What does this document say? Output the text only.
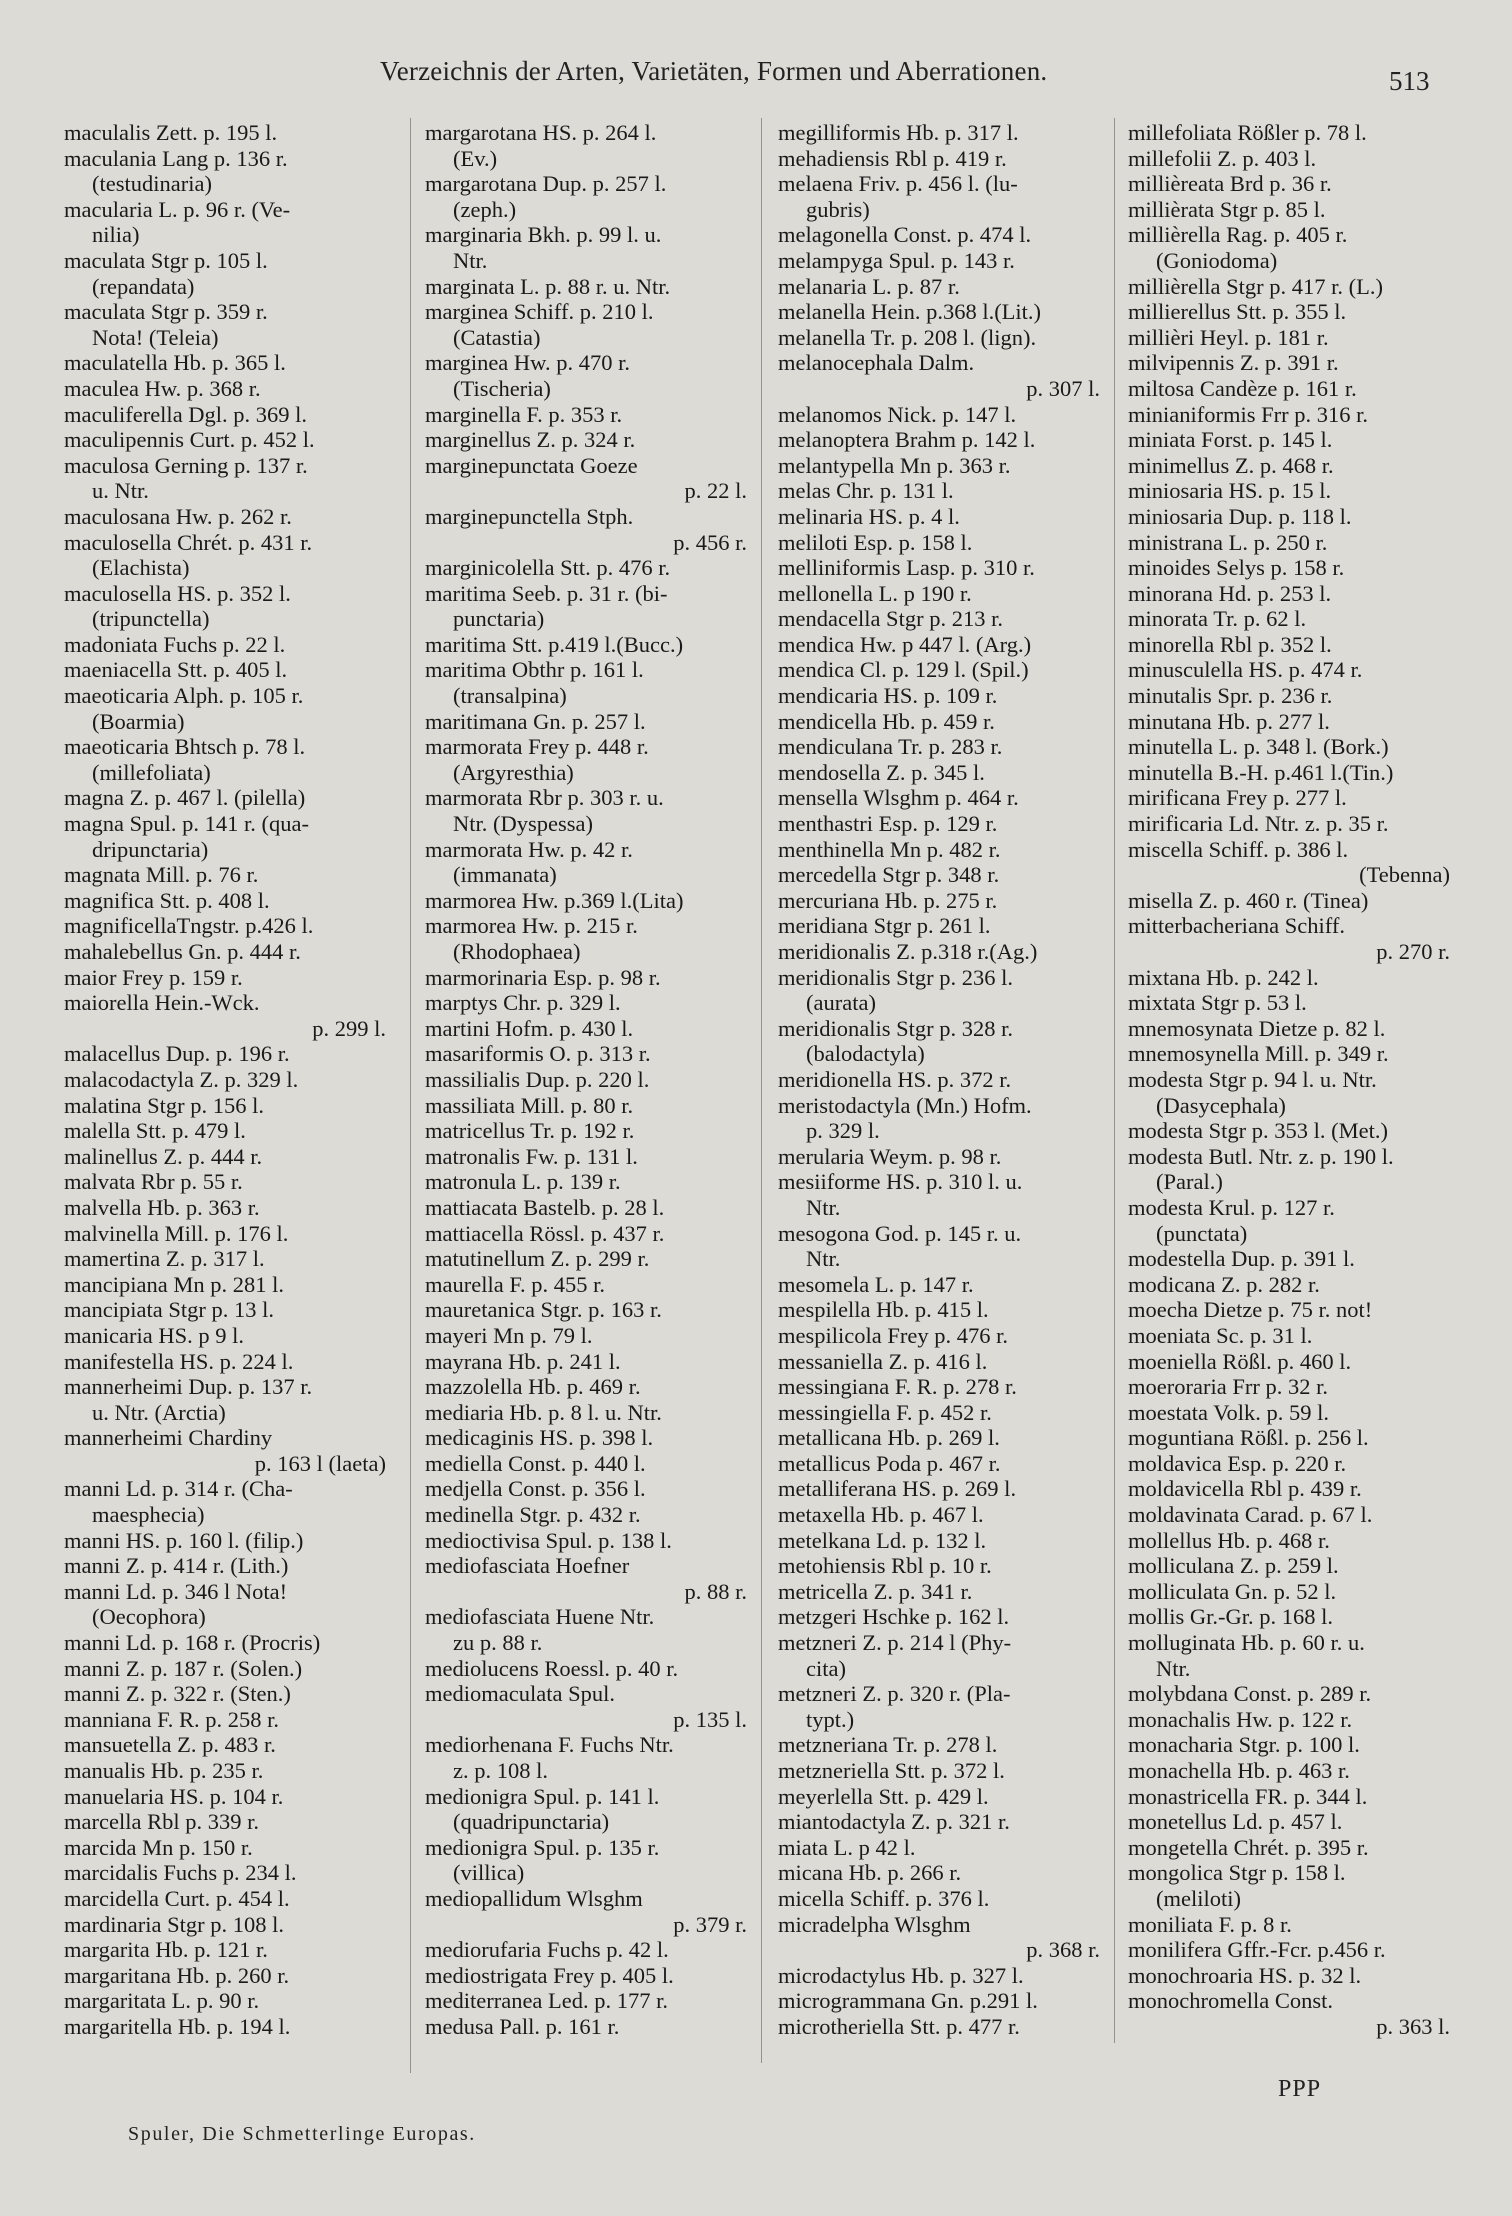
Verzeichnis der Arten, Varietäten, Formen und Aberrationen.	513
maculalis Zett. p. 195 l.
maculania Lang p. 136 r.
(testudinaria)
macularia L. p. 96 r. (Ve-
nilia)
maculata Stgr p. 105 l.
(repandata)
maculata Stgr p. 359 r.
Nota! (Teleia)
maculatella Hb. p. 365 l.
maculea Hw. p. 368 r.
maculiferella Dgl. p. 369 l.
maculipennis Curt. p. 452 l.
maculosa Gerning p. 137 r.
u. Ntr.
maculosana Hw. p. 262 r.
maculosella Chrét. p. 431 r.
(Elachista)
maculosella HS. p. 352 l.
(tripunctella)
madoniata Fuchs p. 22 l.
maeniacella Stt. p. 405 l.
maeoticaria Alph. p. 105 r.
(Boarmia)
maeoticaria Bhtsch p. 78 l.
(millefoliata)
magna Z. p. 467 l. (pilella)
magna Spul. p. 141 r. (qua-
dripunctaria)
magnata Mill. p. 76 r.
magnifica Stt. p. 408 l.
magnificellaTngstr. p.426 l.
mahalebellus Gn. p. 444 r.
maior Frey p. 159 r.
maiorella Hein.-Wck.
p. 299 l.
malacellus Dup. p. 196 r.
malacodactyla Z. p. 329 l.
malatina Stgr p. 156 l.
malella Stt. p. 479 l.
malinellus Z. p. 444 r.
malvata Rbr p. 55 r.
malvella Hb. p. 363 r.
malvinella Mill. p. 176 l.
mamertina Z. p. 317 l.
mancipiana Mn p. 281 l.
mancipiata Stgr p. 13 l.
manicaria HS. p 9 l.
manifestella HS. p. 224 l.
mannerheimi Dup. p. 137 r.
u. Ntr. (Arctia)
mannerheimi Chardiny
p. 163 l (laeta)
manni Ld. p. 314 r. (Cha-
maesphecia)
manni HS. p. 160 l. (filip.)
manni Z. p. 414 r. (Lith.)
manni Ld. p. 346 l Nota!
(Oecophora)
manni Ld. p. 168 r. (Procris)
manni Z. p. 187 r. (Solen.)
manni Z. p. 322 r. (Sten.)
manniana F. R. p. 258 r.
mansuetella Z. p. 483 r.
manualis Hb. p. 235 r.
manuelaria HS. p. 104 r.
marcella Rbl p. 339 r.
marcida Mn p. 150 r.
marcidalis Fuchs p. 234 l.
marcidella Curt. p. 454 l.
mardinaria Stgr p. 108 l.
margarita Hb. p. 121 r.
margaritana Hb. p. 260 r.
margaritata L. p. 90 r.
margaritella Hb. p. 194 l.
margarotana HS. p. 264 l.
(Ev.)
margarotana Dup. p. 257 l.
(zeph.)
marginaria Bkh. p. 99 l. u.
Ntr.
marginata L. p. 88 r. u. Ntr.
marginea Schiff. p. 210 l.
(Catastia)
marginea Hw. p. 470 r.
(Tischeria)
marginella F. p. 353 r.
marginellus Z. p. 324 r.
marginepunctata Goeze
p. 22 l.
marginepunctella Stph.
p. 456 r.
marginicolella Stt. p. 476 r.
maritima Seeb. p. 31 r. (bi-
punctaria)
maritima Stt. p.419 l.(Bucc.)
maritima Obthr p. 161 l.
(transalpina)
maritimana Gn. p. 257 l.
marmorata Frey p. 448 r.
(Argyresthia)
marmorata Rbr p. 303 r. u.
Ntr. (Dyspessa)
marmorata Hw. p. 42 r.
(immanata)
marmorea Hw. p.369 l.(Lita)
marmorea Hw. p. 215 r.
(Rhodophaea)
marmorinaria Esp. p. 98 r.
marptys Chr. p. 329 l.
martini Hofm. p. 430 l.
masariformis O. p. 313 r.
massilialis Dup. p. 220 l.
massiliata Mill. p. 80 r.
matricellus Tr. p. 192 r.
matronalis Fw. p. 131 l.
matronula L. p. 139 r.
mattiacata Bastelb. p. 28 l.
mattiacella Rössl. p. 437 r.
matutinellum Z. p. 299 r.
maurella F. p. 455 r.
mauretanica Stgr. p. 163 r.
mayeri Mn p. 79 l.
mayrana Hb. p. 241 l.
mazzolella Hb. p. 469 r.
mediaria Hb. p. 8 l. u. Ntr.
medicaginis HS. p. 398 l.
mediella Const. p. 440 l.
medjella Const. p. 356 l.
medinella Stgr. p. 432 r.
medioctivisa Spul. p. 138 l.
mediofasciata Hoefner
p. 88 r.
mediofasciata Huene Ntr.
zu p. 88 r.
mediolucens Roessl. p. 40 r.
mediomaculata Spul.
p. 135 l.
mediorhenana F. Fuchs Ntr.
z. p. 108 l.
medionigra Spul. p. 141 l.
(quadripunctaria)
medionigra Spul. p. 135 r.
(villica)
mediopallidum Wlsghm
p. 379 r.
mediorufaria Fuchs p. 42 l.
mediostrigata Frey p. 405 l.
mediterranea Led. p. 177 r.
medusa Pall. p. 161 r.
megilliformis Hb. p. 317 l.
mehadiensis Rbl p. 419 r.
melaena Friv. p. 456 l. (lu-
gubris)
melagonella Const. p. 474 l.
melampyga Spul. p. 143 r.
melanaria L. p. 87 r.
melanella Hein. p.368 l.(Lit.)
melanella Tr. p. 208 l. (lign).
melanocephala Dalm.
p. 307 l.
melanomos Nick. p. 147 l.
melanoptera Brahm p. 142 l.
melantypella Mn p. 363 r.
melas Chr. p. 131 l.
melinaria HS. p. 4 l.
meliloti Esp. p. 158 l.
melliniformis Lasp. p. 310 r.
mellonella L. p 190 r.
mendacella Stgr p. 213 r.
mendica Hw. p 447 l. (Arg.)
mendica Cl. p. 129 l. (Spil.)
mendicaria HS. p. 109 r.
mendicella Hb. p. 459 r.
mendiculana Tr. p. 283 r.
mendosella Z. p. 345 l.
mensella Wlsghm p. 464 r.
menthastri Esp. p. 129 r.
menthinella Mn p. 482 r.
mercedella Stgr p. 348 r.
mercuriana Hb. p. 275 r.
meridiana Stgr p. 261 l.
meridionalis Z. p.318 r.(Ag.)
meridionalis Stgr p. 236 l.
(aurata)
meridionalis Stgr p. 328 r.
(balodactyla)
meridionella HS. p. 372 r.
meristodactyla (Mn.) Hofm.
p. 329 l.
merularia Weym. p. 98 r.
mesiiforme HS. p. 310 l. u.
Ntr.
mesogona God. p. 145 r. u.
Ntr.
mesomela L. p. 147 r.
mespilella Hb. p. 415 l.
mespilicola Frey p. 476 r.
messaniella Z. p. 416 l.
messingiana F. R. p. 278 r.
messingiella F. p. 452 r.
metallicana Hb. p. 269 l.
metallicus Poda p. 467 r.
metalliferana HS. p. 269 l.
metaxella Hb. p. 467 l.
metelkana Ld. p. 132 l.
metohiensis Rbl p. 10 r.
metricella Z. p. 341 r.
metzgeri Hschke p. 162 l.
metzneri Z. p. 214 l (Phy-
cita)
metzneri Z. p. 320 r. (Pla-
typt.)
metzneriana Tr. p. 278 l.
metzneriella Stt. p. 372 l.
meyerlella Stt. p. 429 l.
miantodactyla Z. p. 321 r.
miata L. p 42 l.
micana Hb. p. 266 r.
micella Schiff. p. 376 l.
micradelpha Wlsghm
p. 368 r.
microdactylus Hb. p. 327 l.
microgrammana Gn. p.291 l.
microtheriella Stt. p. 477 r.
millefoliata Rößler p. 78 l.
millefolii Z. p. 403 l.
millièreata Brd p. 36 r.
millièrata Stgr p. 85 l.
millièrella Rag. p. 405 r.
(Goniodoma)
millièrella Stgr p. 417 r. (L.)
millierellus Stt. p. 355 l.
millièri Heyl. p. 181 r.
milvipennis Z. p. 391 r.
miltosa Candèze p. 161 r.
minianiformis Frr p. 316 r.
miniata Forst. p. 145 l.
minimellus Z. p. 468 r.
miniosaria HS. p. 15 l.
miniosaria Dup. p. 118 l.
ministrana L. p. 250 r.
minoides Selys p. 158 r.
minorana Hd. p. 253 l.
minorata Tr. p. 62 l.
minorella Rbl p. 352 l.
minusculella HS. p. 474 r.
minutalis Spr. p. 236 r.
minutana Hb. p. 277 l.
minutella L. p. 348 l. (Bork.)
minutella B.-H. p.461 l.(Tin.)
mirificana Frey p. 277 l.
mirificaria Ld. Ntr. z. p. 35 r.
miscella Schiff. p. 386 l.
(Tebenna)
misella Z. p. 460 r. (Tinea)
mitterbacheriana Schiff.
p. 270 r.
mixtana Hb. p. 242 l.
mixtata Stgr p. 53 l.
mnemosynata Dietze p. 82 l.
mnemosynella Mill. p. 349 r.
modesta Stgr p. 94 l. u. Ntr.
(Dasycephala)
modesta Stgr p. 353 l. (Met.)
modesta Butl. Ntr. z. p. 190 l.
(Paral.)
modesta Krul. p. 127 r.
(punctata)
modestella Dup. p. 391 l.
modicana Z. p. 282 r.
moecha Dietze p. 75 r. not!
moeniata Sc. p. 31 l.
moeniella Rößl. p. 460 l.
moeroraria Frr p. 32 r.
moestata Volk. p. 59 l.
moguntiana Rößl. p. 256 l.
moldavica Esp. p. 220 r.
moldavicella Rbl p. 439 r.
moldavinata Carad. p. 67 l.
mollellus Hb. p. 468 r.
molliculana Z. p. 259 l.
molliculata Gn. p. 52 l.
mollis Gr.-Gr. p. 168 l.
molluginata Hb. p. 60 r. u.
Ntr.
molybdana Const. p. 289 r.
monachalis Hw. p. 122 r.
monacharia Stgr. p. 100 l.
monachella Hb. p. 463 r.
monastricella FR. p. 344 l.
monetellus Ld. p. 457 l.
mongetella Chrét. p. 395 r.
mongolica Stgr p. 158 l.
(meliloti)
moniliata F. p. 8 r.
monilifera Gffr.-Fcr. p.456 r.
monochroaria HS. p. 32 l.
monochromella Const.
p. 363 l.
PPP
Spuler, Die Schmetterlinge Europas.
